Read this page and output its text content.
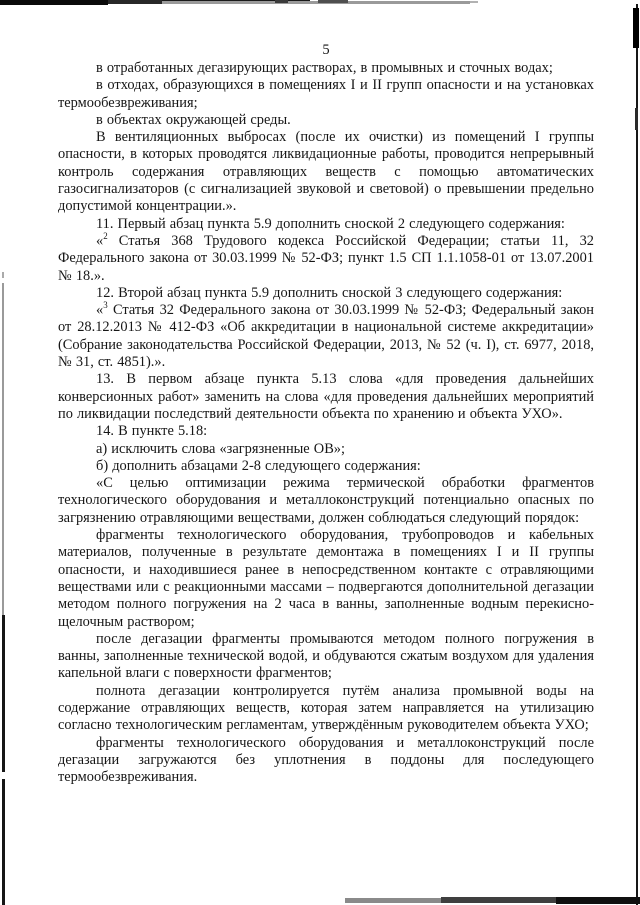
5

в отработанных дегазирующих растворах, в промывных и сточных водах;

в отходах, образующихся в помещениях I и II групп опасности и на установках термообезвреживания;

в объектах окружающей среды.

В вентиляционных выбросах (после их очистки) из помещений I группы опасности, в которых проводятся ликвидационные работы, проводится непрерывный контроль содержания отравляющих веществ с помощью автоматических газосигнализаторов (с сигнализацией звуковой и световой) о превышении предельно допустимой концентрации.».

11. Первый абзац пункта 5.9 дополнить сноской 2 следующего содержания:

«$^2$ Статья 368 Трудового кодекса Российской Федерации; статьи 11, 32 Федерального закона от 30.03.1999 № 52-ФЗ; пункт 1.5 СП 1.1.1058-01 от 13.07.2001 № 18.».

12. Второй абзац пункта 5.9 дополнить сноской 3 следующего содержания:

«$^3$ Статья 32 Федерального закона от 30.03.1999 № 52-ФЗ; Федеральный закон от 28.12.2013 № 412-ФЗ «Об аккредитации в национальной системе аккредитации» (Собрание законодательства Российской Федерации, 2013, № 52 (ч. I), ст. 6977, 2018, № 31, ст. 4851).».

13. В первом абзаце пункта 5.13 слова «для проведения дальнейших конверсионных работ» заменить на слова «для проведения дальнейших мероприятий по ликвидации последствий деятельности объекта по хранению и объекта УХО».

14. В пункте 5.18:

а) исключить слова «загрязненные ОВ»;

б) дополнить абзацами 2-8 следующего содержания:

«С целью оптимизации режима термической обработки фрагментов технологического оборудования и металлоконструкций потенциально опасных по загрязнению отравляющими веществами, должен соблюдаться следующий порядок:

фрагменты технологического оборудования, трубопроводов и кабельных материалов, полученные в результате демонтажа в помещениях I и II группы опасности, и находившиеся ранее в непосредственном контакте с отравляющими веществами или с реакционными массами – подвергаются дополнительной дегазации методом полного погружения на 2 часа в ванны, заполненные водным перекисно-щелочным раствором;

после дегазации фрагменты промываются методом полного погружения в ванны, заполненные технической водой, и обдуваются сжатым воздухом для удаления капельной влаги с поверхности фрагментов;

полнота дегазации контролируется путём анализа промывной воды на содержание отравляющих веществ, которая затем направляется на утилизацию согласно технологическим регламентам, утверждённым руководителем объекта УХО;

фрагменты технологического оборудования и металлоконструкций после дегазации загружаются без уплотнения в поддоны для последующего термообезвреживания.
